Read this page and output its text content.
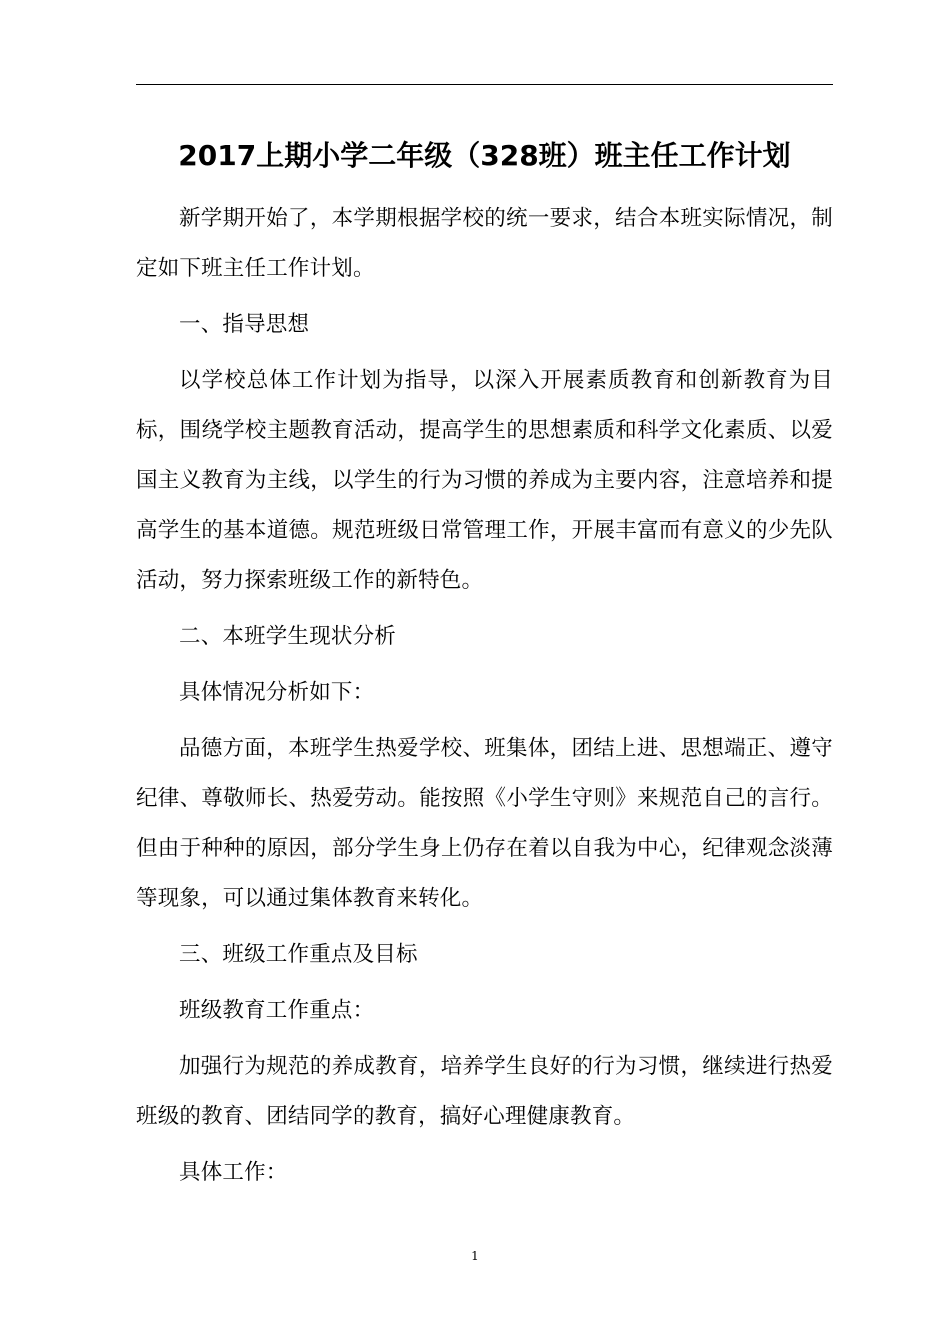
2017上期小学二年级（328班）班主任工作计划

新学期开始了，本学期根据学校的统一要求，结合本班实际情况，制定如下班主任工作计划。

一、指导思想

以学校总体工作计划为指导，以深入开展素质教育和创新教育为目标，围绕学校主题教育活动，提高学生的思想素质和科学文化素质、以爱国主义教育为主线，以学生的行为习惯的养成为主要内容，注意培养和提高学生的基本道德。规范班级日常管理工作，开展丰富而有意义的少先队活动，努力探索班级工作的新特色。

二、本班学生现状分析

具体情况分析如下：

品德方面，本班学生热爱学校、班集体，团结上进、思想端正、遵守纪律、尊敬师长、热爱劳动。能按照《小学生守则》来规范自己的言行。但由于种种的原因，部分学生身上仍存在着以自我为中心，纪律观念淡薄等现象，可以通过集体教育来转化。

三、班级工作重点及目标

班级教育工作重点：

加强行为规范的养成教育，培养学生良好的行为习惯，继续进行热爱班级的教育、团结同学的教育，搞好心理健康教育。

具体工作：

1
